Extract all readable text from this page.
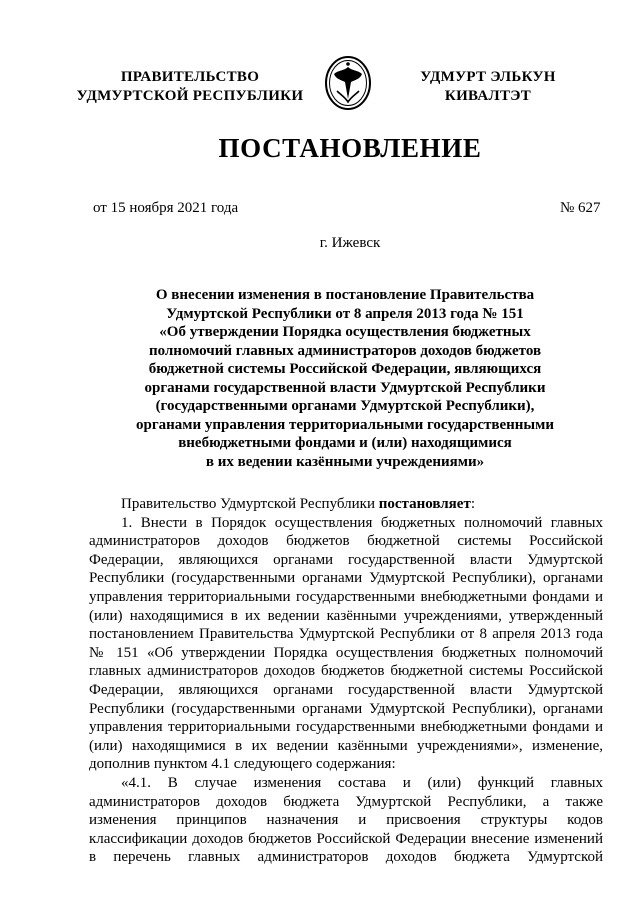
ПРАВИТЕЛЬСТВО
УДМУРТСКОЙ РЕСПУБЛИКИ
УДМУРТ ЭЛЬКУН
КИВАЛТЭТ
ПОСТАНОВЛЕНИЕ
от 15 ноября 2021 года	№ 627
г. Ижевск
О внесении изменения в постановление Правительства
Удмуртской Республики от 8 апреля 2013 года № 151
«Об утверждении Порядка осуществления бюджетных
полномочий главных администраторов доходов бюджетов
бюджетной системы Российской Федерации, являющихся
органами государственной власти Удмуртской Республики
(государственными органами Удмуртской Республики),
органами управления территориальными государственными
внебюджетными фондами и (или) находящимися
в их ведении казёнными учреждениями»
Правительство Удмуртской Республики постановляет:
1. Внести в Порядок осуществления бюджетных полномочий главных
администраторов доходов бюджетов бюджетной системы Российской
Федерации, являющихся органами государственной власти Удмуртской
Республики (государственными органами Удмуртской Республики), органами
управления территориальными государственными внебюджетными фондами и
(или) находящимися в их ведении казёнными учреждениями, утвержденный
постановлением Правительства Удмуртской Республики от 8 апреля 2013 года
№ 151 «Об утверждении Порядка осуществления бюджетных полномочий
главных администраторов доходов бюджетов бюджетной системы Российской
Федерации, являющихся органами государственной власти Удмуртской
Республики (государственными органами Удмуртской Республики), органами
управления территориальными государственными внебюджетными фондами и
(или) находящимися в их ведении казёнными учреждениями», изменение,
дополнив пунктом 4.1 следующего содержания:
«4.1. В случае изменения состава и (или) функций главных
администраторов доходов бюджета Удмуртской Республики, а также
изменения принципов назначения и присвоения структуры кодов
классификации доходов бюджетов Российской Федерации внесение изменений
в перечень главных администраторов доходов бюджета Удмуртской
